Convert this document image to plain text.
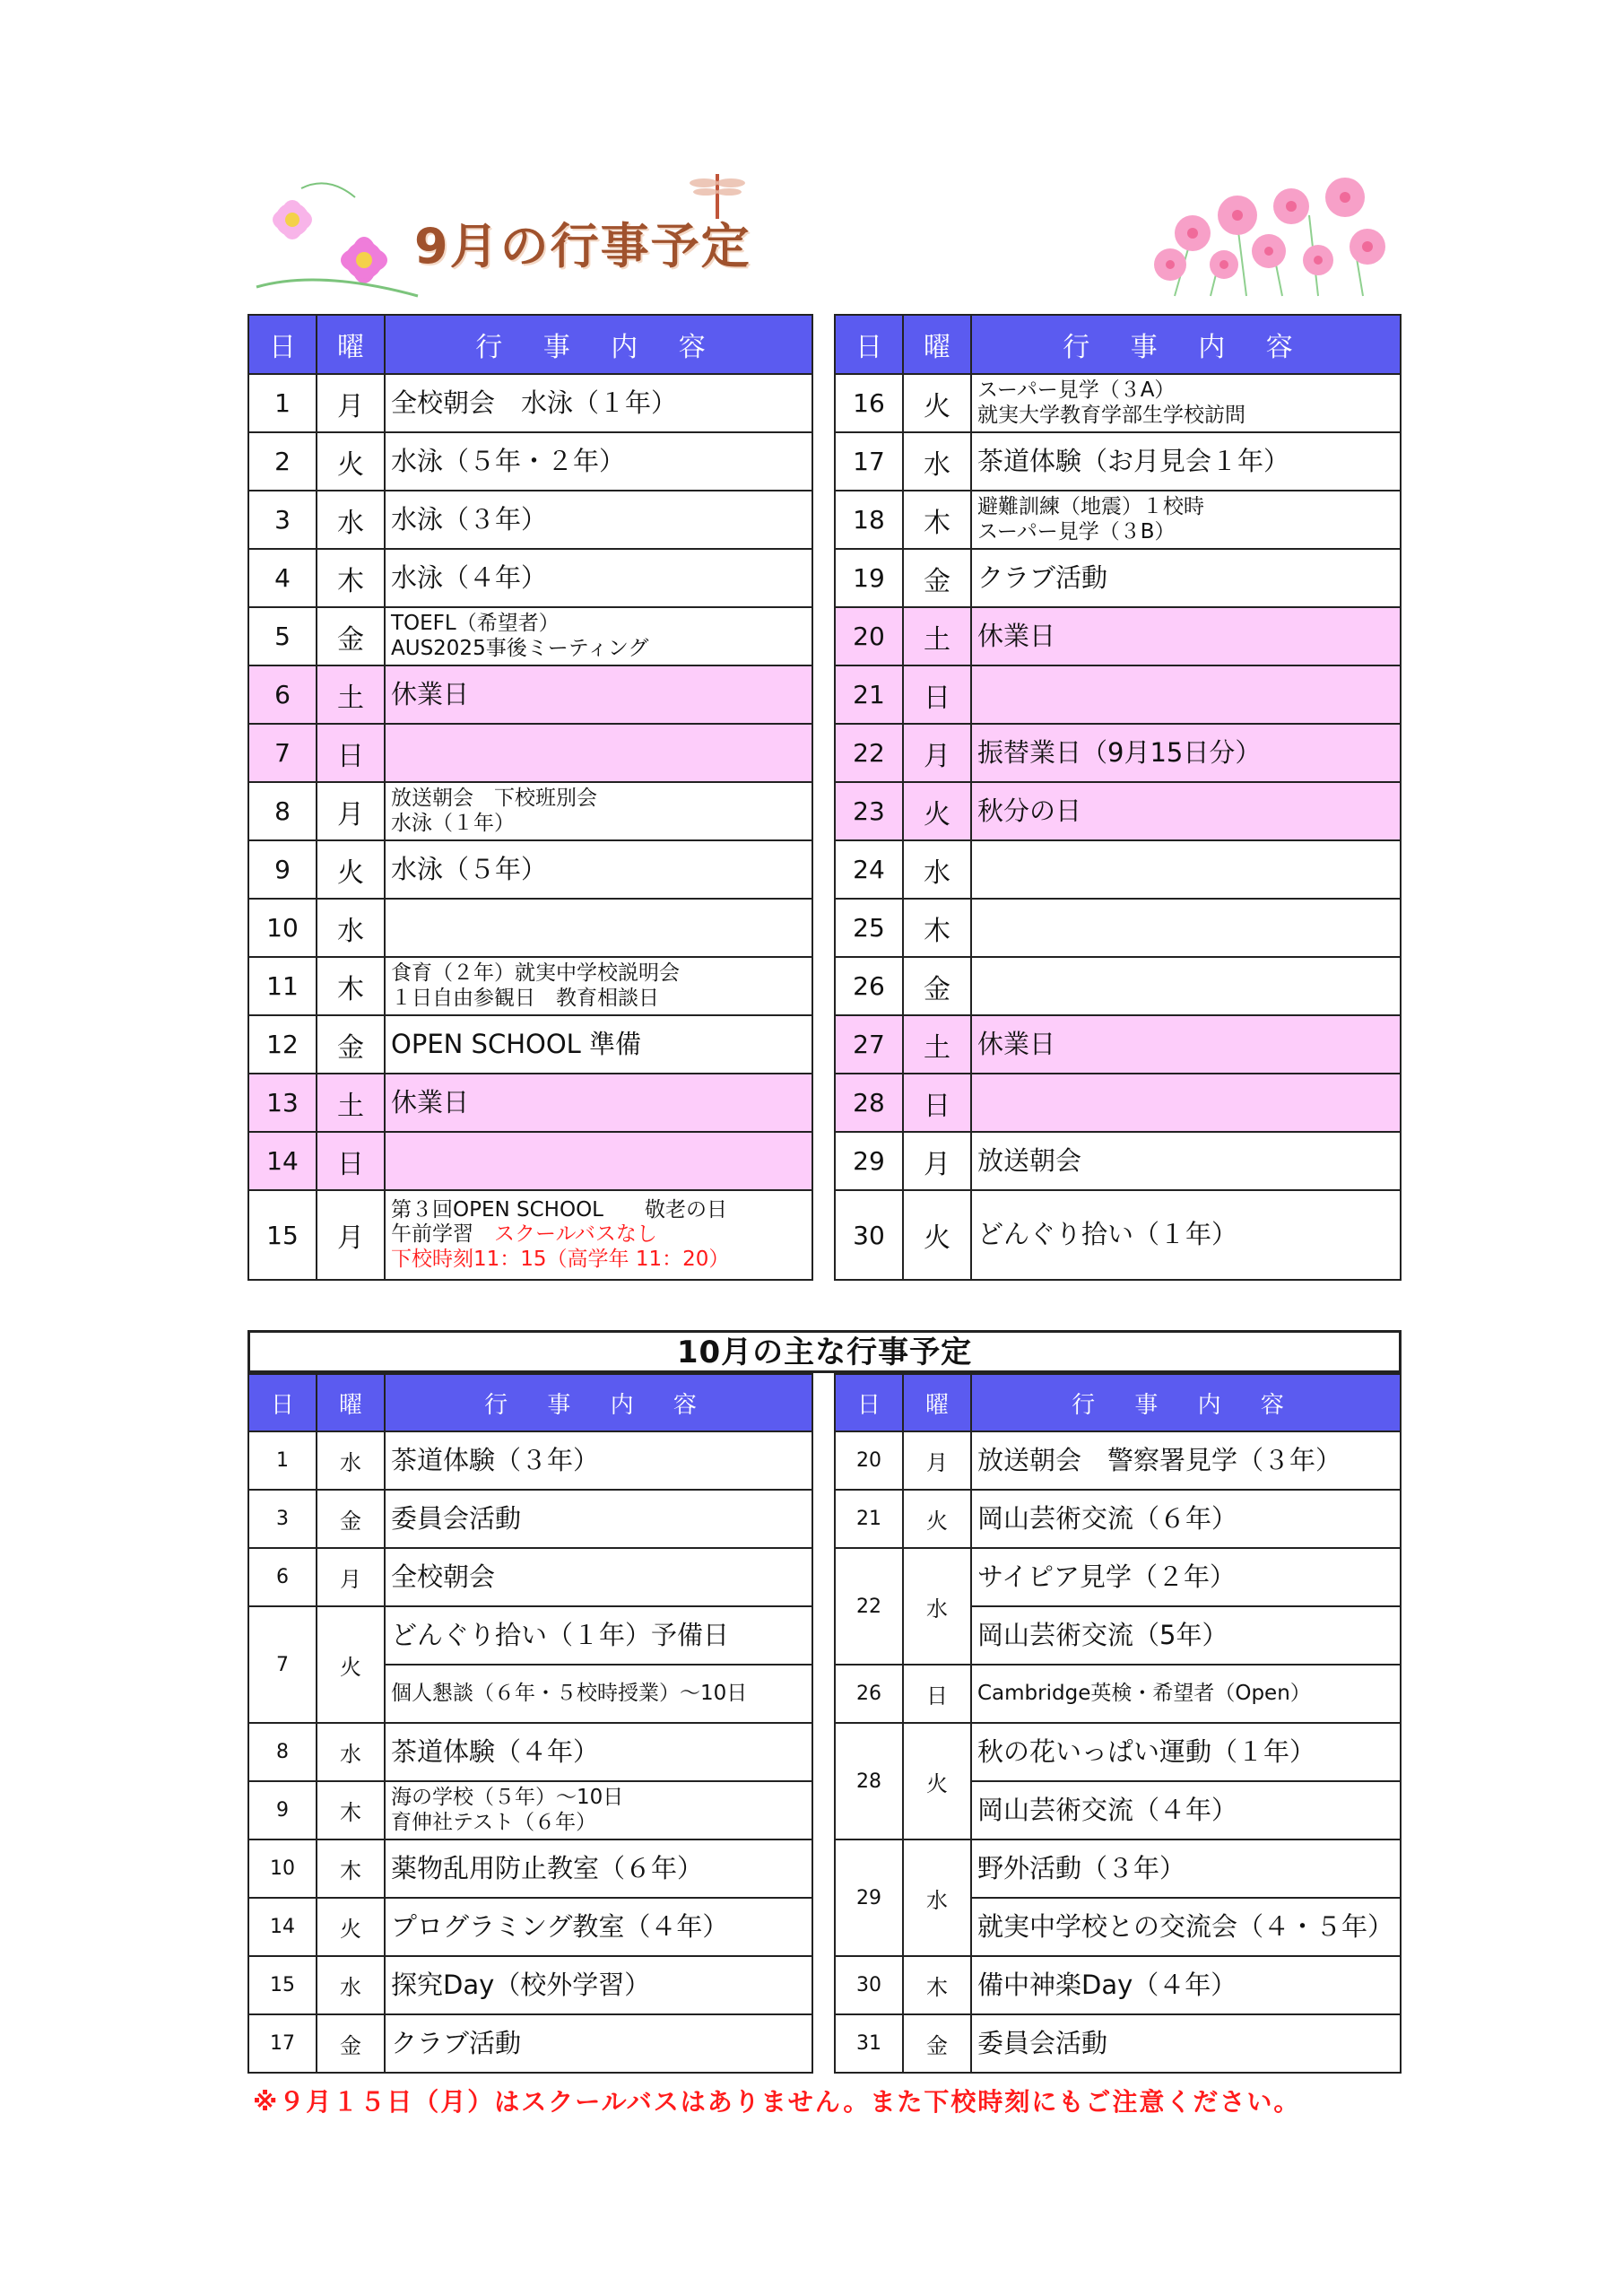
9月の行事予定
日	曜	行 事 内 容
1	月	全校朝会　水泳（１年）

2	火	水泳（５年・２年）

3	水	水泳（３年）

4	木	水泳（４年）

5	金	TOEFL（希望者）
AUS2025事後ミーティング

6	土	休業日

7	日	

8	月	放送朝会　下校班別会
水泳（１年）

9	火	水泳（５年）

10	水	

11	木	食育（２年）就実中学校説明会
１日自由参観日　教育相談日

12	金	OPEN SCHOOL 準備

13	土	休業日

14	日	

15	月	第３回OPEN SCHOOL　　敬老の日
午前学習　スクールバスなし
下校時刻11：15（高学年 11：20）
日	曜	行 事 内 容
16	火	スーパー見学（３A）
就実大学教育学部生学校訪問

17	水	茶道体験（お月見会１年）

18	木	避難訓練（地震）１校時
スーパー見学（３B）

19	金	クラブ活動

20	土	休業日

21	日	

22	月	振替業日（9月15日分）

23	火	秋分の日

24	水	

25	木	

26	金	

27	土	休業日

28	日	

29	月	放送朝会

30	火	どんぐり拾い（１年）
10月の主な行事予定
日	曜	行 事 内 容
1	水	茶道体験（３年）

3	金	委員会活動

6	月	全校朝会

7	火	どんぐり拾い（１年）予備日

		個人懇談（６年・５校時授業）～10日

8	水	茶道体験（４年）

9	木	海の学校（５年）～10日
育伸社テスト（６年）

10	木	薬物乱用防止教室（６年）

14	火	プログラミング教室（４年）

15	水	探究Day（校外学習）

17	金	クラブ活動
日	曜	行 事 内 容
20	月	放送朝会　警察署見学（３年）

21	火	岡山芸術交流（６年）

22	水	サイピア見学（２年）

		岡山芸術交流（5年）

26	日	Cambridge英検・希望者（Open）

28	火	秋の花いっぱい運動（１年）

		岡山芸術交流（４年）

29	水	野外活動（３年）

		就実中学校との交流会（４・５年）

30	木	備中神楽Day（４年）

31	金	委員会活動
※９月１５日（月）はスクールバスはありません。また下校時刻にもご注意ください。
